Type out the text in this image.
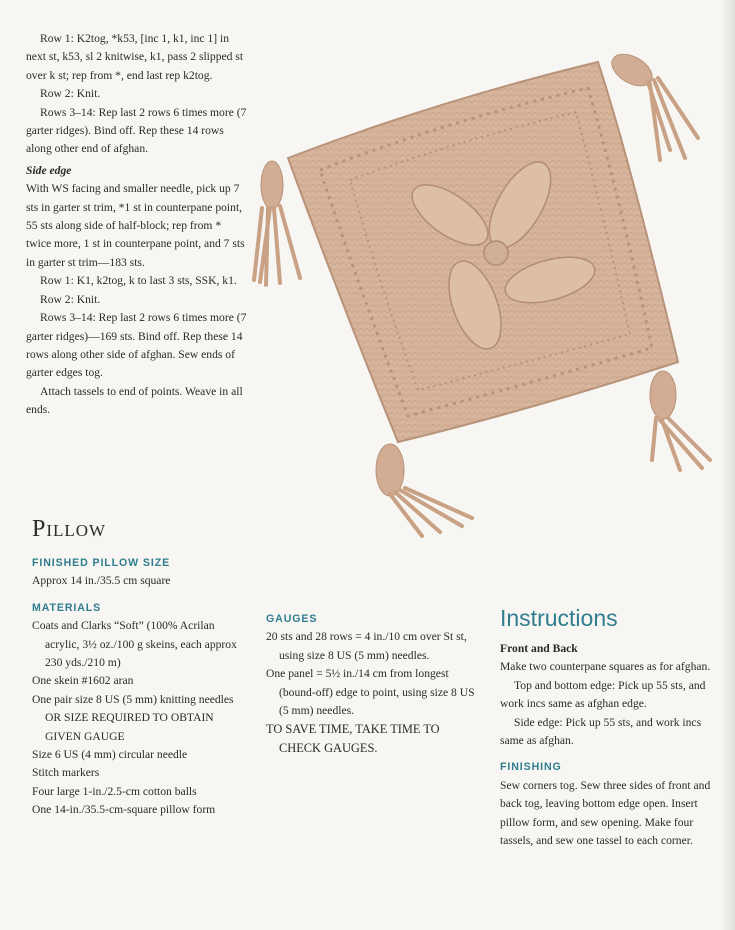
Row 1: K2tog, *k53, [inc 1, k1, inc 1] in next st, k53, sl 2 knitwise, k1, pass 2 slipped st over k st; rep from *, end last rep k2tog.

Row 2: Knit.

Rows 3–14: Rep last 2 rows 6 times more (7 garter ridges). Bind off. Rep these 14 rows along other end of afghan.

Side edge

With WS facing and smaller needle, pick up 7 sts in garter st trim, *1 st in counterpane point, 55 sts along side of half-block; rep from * twice more, 1 st in counterpane point, and 7 sts in garter st trim—183 sts.

Row 1: K1, k2tog, k to last 3 sts, SSK, k1.

Row 2: Knit.

Rows 3–14: Rep last 2 rows 6 times more (7 garter ridges)—169 sts. Bind off. Rep these 14 rows along other side of afghan. Sew ends of garter edges tog.

Attach tassels to end of points. Weave in all ends.

Pillow

FINISHED PILLOW SIZE

Approx 14 in./35.5 cm square

MATERIALS

Coats and Clarks “Soft” (100% Acrilan acrylic, 3½ oz./100 g skeins, each approx 230 yds./210 m)

One skein #1602 aran

One pair size 8 US (5 mm) knitting needles OR SIZE REQUIRED TO OBTAIN GIVEN GAUGE

Size 6 US (4 mm) circular needle

Stitch markers

Four large 1-in./2.5-cm cotton balls

One 14-in./35.5-cm-square pillow form

GAUGES

20 sts and 28 rows = 4 in./10 cm over St st, using size 8 US (5 mm) needles.

One panel = 5½ in./14 cm from longest (bound-off) edge to point, using size 8 US (5 mm) needles.

TO SAVE TIME, TAKE TIME TO CHECK GAUGES.

Instructions

Front and Back

Make two counterpane squares as for afghan.

Top and bottom edge: Pick up 55 sts, and work incs same as afghan edge.

Side edge: Pick up 55 sts, and work incs same as afghan.

FINISHING

Sew corners tog. Sew three sides of front and back tog, leaving bottom edge open. Insert pillow form, and sew opening. Make four tassels, and sew one tassel to each corner.
